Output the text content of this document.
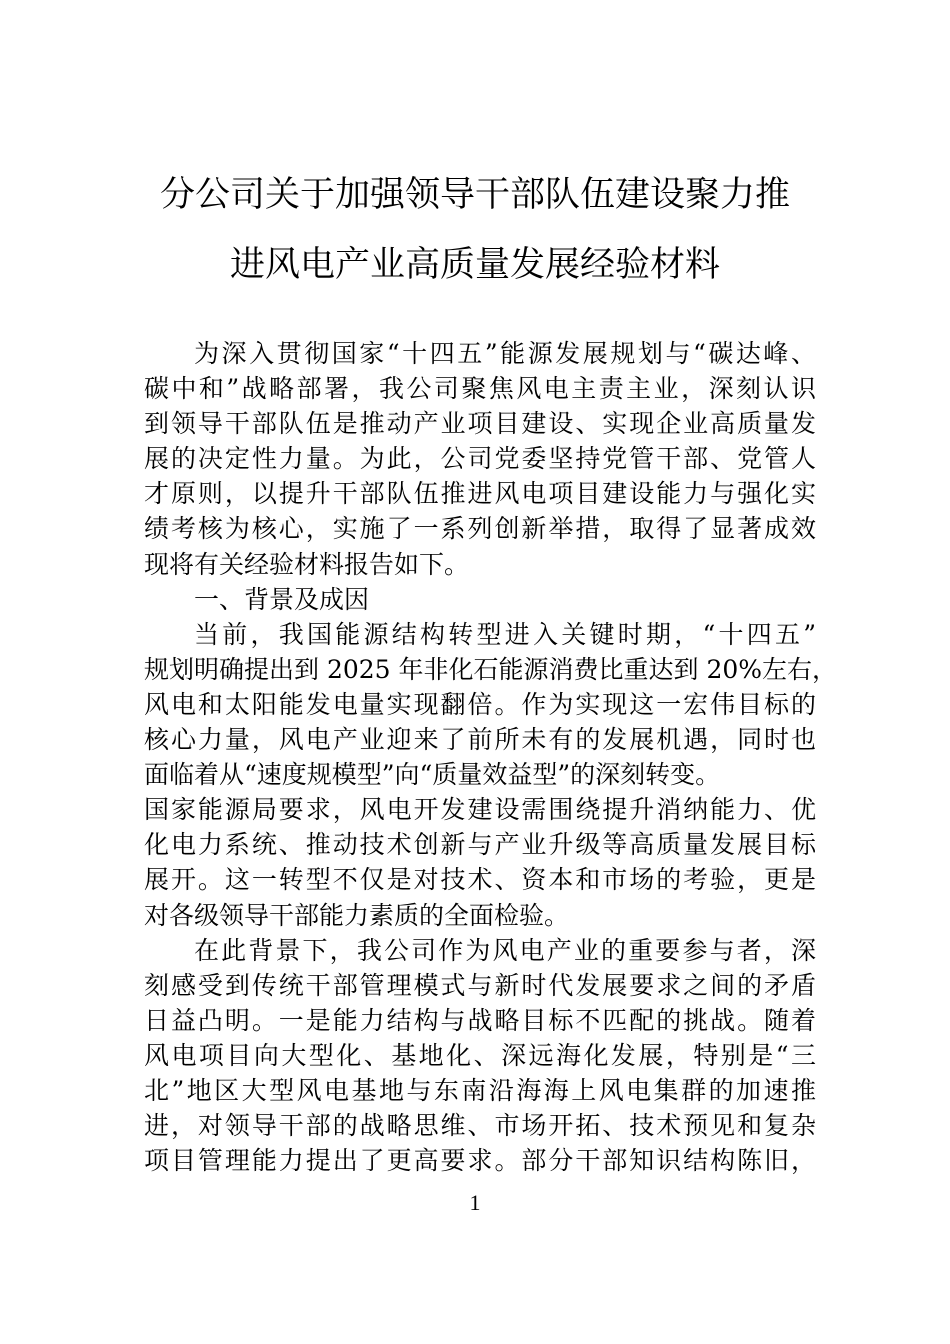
分公司关于加强领导干部队伍建设聚力推
进风电产业高质量发展经验材料
为深入贯彻国家“十四五”能源发展规划与“碳达峰、
碳中和”战略部署，我公司聚焦风电主责主业，深刻认识
到领导干部队伍是推动产业项目建设、实现企业高质量发
展的决定性力量。为此，公司党委坚持党管干部、党管人
才原则，以提升干部队伍推进风电项目建设能力与强化实
绩考核为核心，实施了一系列创新举措，取得了显著成效
现将有关经验材料报告如下。
一、背景及成因
当前，我国能源结构转型进入关键时期，“十四五”
规划明确提出到 2025 年非化石能源消费比重达到 20%左右，
风电和太阳能发电量实现翻倍。作为实现这一宏伟目标的
核心力量，风电产业迎来了前所未有的发展机遇，同时也
面临着从“速度规模型”向“质量效益型”的深刻转变。
国家能源局要求，风电开发建设需围绕提升消纳能力、优
化电力系统、推动技术创新与产业升级等高质量发展目标
展开。这一转型不仅是对技术、资本和市场的考验，更是
对各级领导干部能力素质的全面检验。
在此背景下，我公司作为风电产业的重要参与者，深
刻感受到传统干部管理模式与新时代发展要求之间的矛盾
日益凸明。一是能力结构与战略目标不匹配的挑战。随着
风电项目向大型化、基地化、深远海化发展，特别是“三
北”地区大型风电基地与东南沿海海上风电集群的加速推
进，对领导干部的战略思维、市场开拓、技术预见和复杂
项目管理能力提出了更高要求。部分干部知识结构陈旧，
1
